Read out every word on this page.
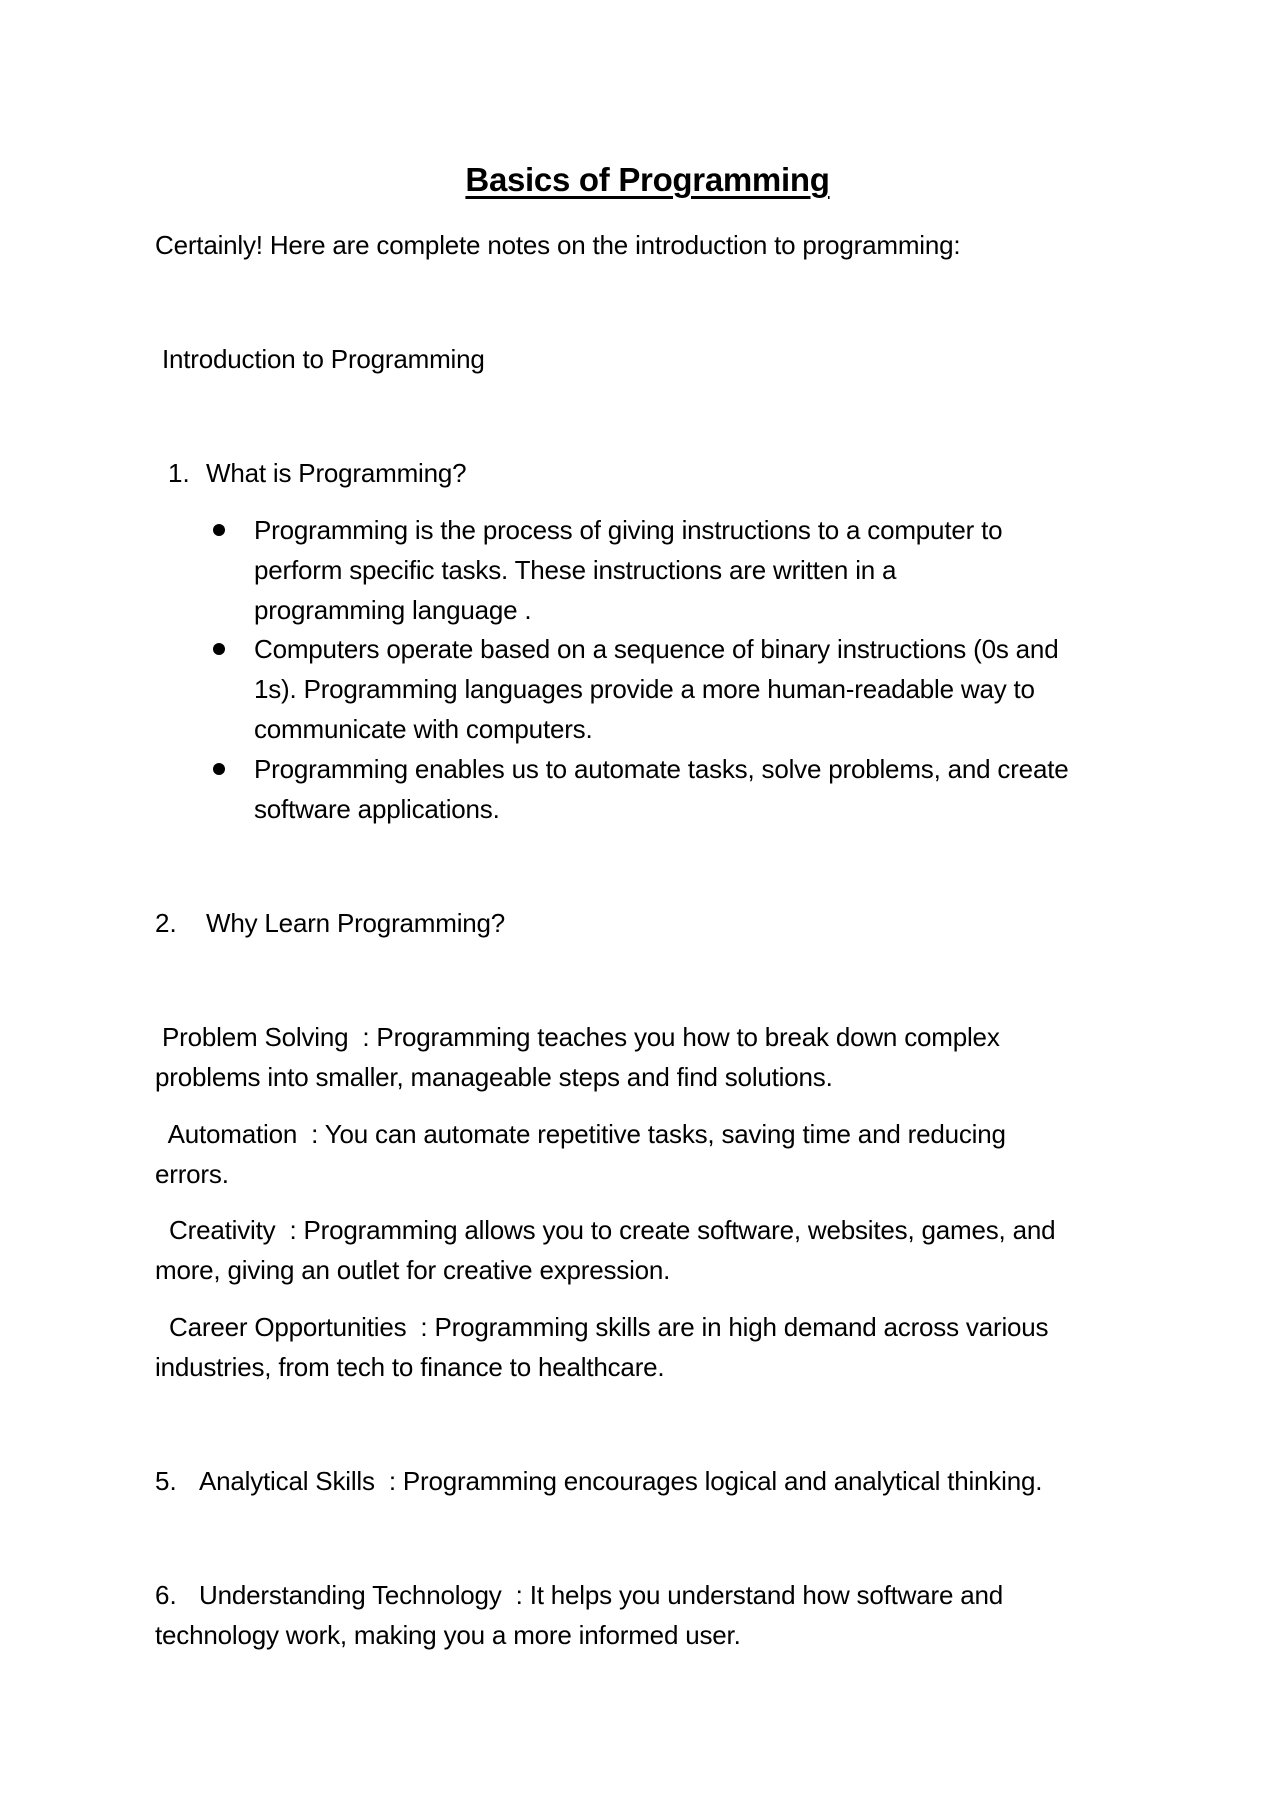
Basics of Programming
Certainly! Here are complete notes on the introduction to programming:
Introduction to Programming
1. What is Programming?
Programming is the process of giving instructions to a computer to
perform specific tasks. These instructions are written in a
programming language .
Computers operate based on a sequence of binary instructions (0s and
1s). Programming languages provide a more human-readable way to
communicate with computers.
Programming enables us to automate tasks, solve problems, and create
software applications.
2. Why Learn Programming?
Problem Solving  : Programming teaches you how to break down complex
problems into smaller, manageable steps and find solutions.
Automation  : You can automate repetitive tasks, saving time and reducing
errors.
Creativity  : Programming allows you to create software, websites, games, and
more, giving an outlet for creative expression.
Career Opportunities  : Programming skills are in high demand across various
industries, from tech to finance to healthcare.
5. Analytical Skills  : Programming encourages logical and analytical thinking.
6. Understanding Technology  : It helps you understand how software and
technology work, making you a more informed user.
